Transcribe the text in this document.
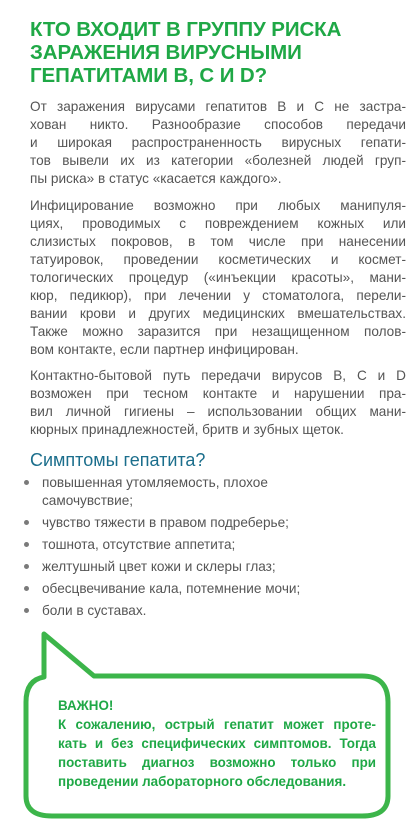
КТО ВХОДИТ В ГРУППУ РИСКА
ЗАРАЖЕНИЯ ВИРУСНЫМИ
ГЕПАТИТАМИ В, С И D?
От заражения вирусами гепатитов В и С не застра-
хован никто. Разнообразие способов передачи
и широкая распространенность вирусных гепати-
тов вывели их из категории «болезней людей груп-
пы риска» в статус «касается каждого».
Инфицирование возможно при любых манипуля-
циях, проводимых с повреждением кожных или
слизистых покровов, в том числе при нанесении
татуировок, проведении косметических и космет-
тологических процедур («инъекции красоты», мани-
кюр, педикюр), при лечении у стоматолога, перели-
вании крови и других медицинских вмешательствах.
Также можно заразится при незащищенном полов-
вом контакте, если партнер инфицирован.
Контактно-бытовой путь передачи вирусов В, С и D
возможен при тесном контакте и нарушении пра-
вил личной гигиены – использовании общих мани-
кюрных принадлежностей, бритв и зубных щеток.
Симптомы гепатита?
повышенная утомляемость, плохое
самочувствие;
чувство тяжести в правом подреберье;
тошнота, отсутствие аппетита;
желтушный цвет кожи и склеры глаз;
обесцвечивание кала, потемнение мочи;
боли в суставах.
ВАЖНО!
К сожалению, острый гепатит может проте-
кать и без специфических симптомов. Тогда
поставить диагноз возможно только при
проведении лабораторного обследования.
